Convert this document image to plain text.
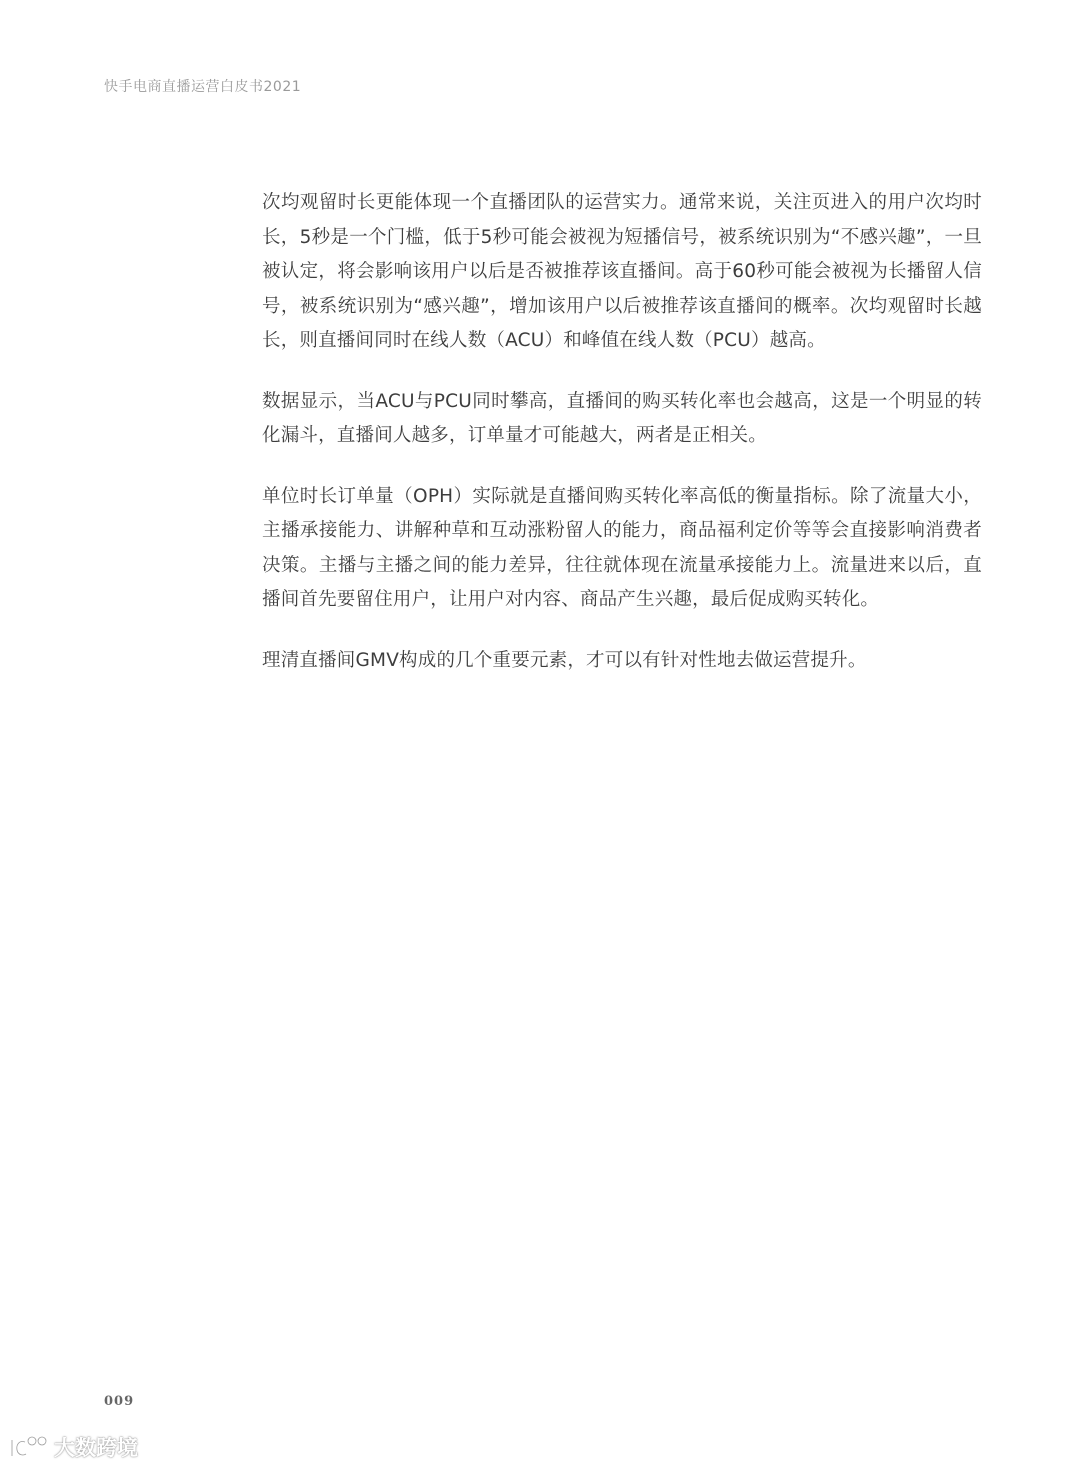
快手电商直播运营白皮书2021

次均观留时长更能体现一个直播团队的运营实力。通常来说，关注页进入的用户次均时长，5秒是一个门槛，低于5秒可能会被视为短播信号，被系统识别为“不感兴趣”，一旦被认定，将会影响该用户以后是否被推荐该直播间。高于60秒可能会被视为长播留人信号，被系统识别为“感兴趣”，增加该用户以后被推荐该直播间的概率。次均观留时长越长，则直播间同时在线人数（ACU）和峰值在线人数（PCU）越高。

数据显示，当ACU与PCU同时攀高，直播间的购买转化率也会越高，这是一个明显的转化漏斗，直播间人越多，订单量才可能越大，两者是正相关。

单位时长订单量（OPH）实际就是直播间购买转化率高低的衡量指标。除了流量大小，主播承接能力、讲解种草和互动涨粉留人的能力，商品福利定价等等会直接影响消费者决策。主播与主播之间的能力差异，往往就体现在流量承接能力上。流量进来以后，直播间首先要留住用户，让用户对内容、商品产生兴趣，最后促成购买转化。

理清直播间GMV构成的几个重要元素，才可以有针对性地去做运营提升。

009
大数跨境
